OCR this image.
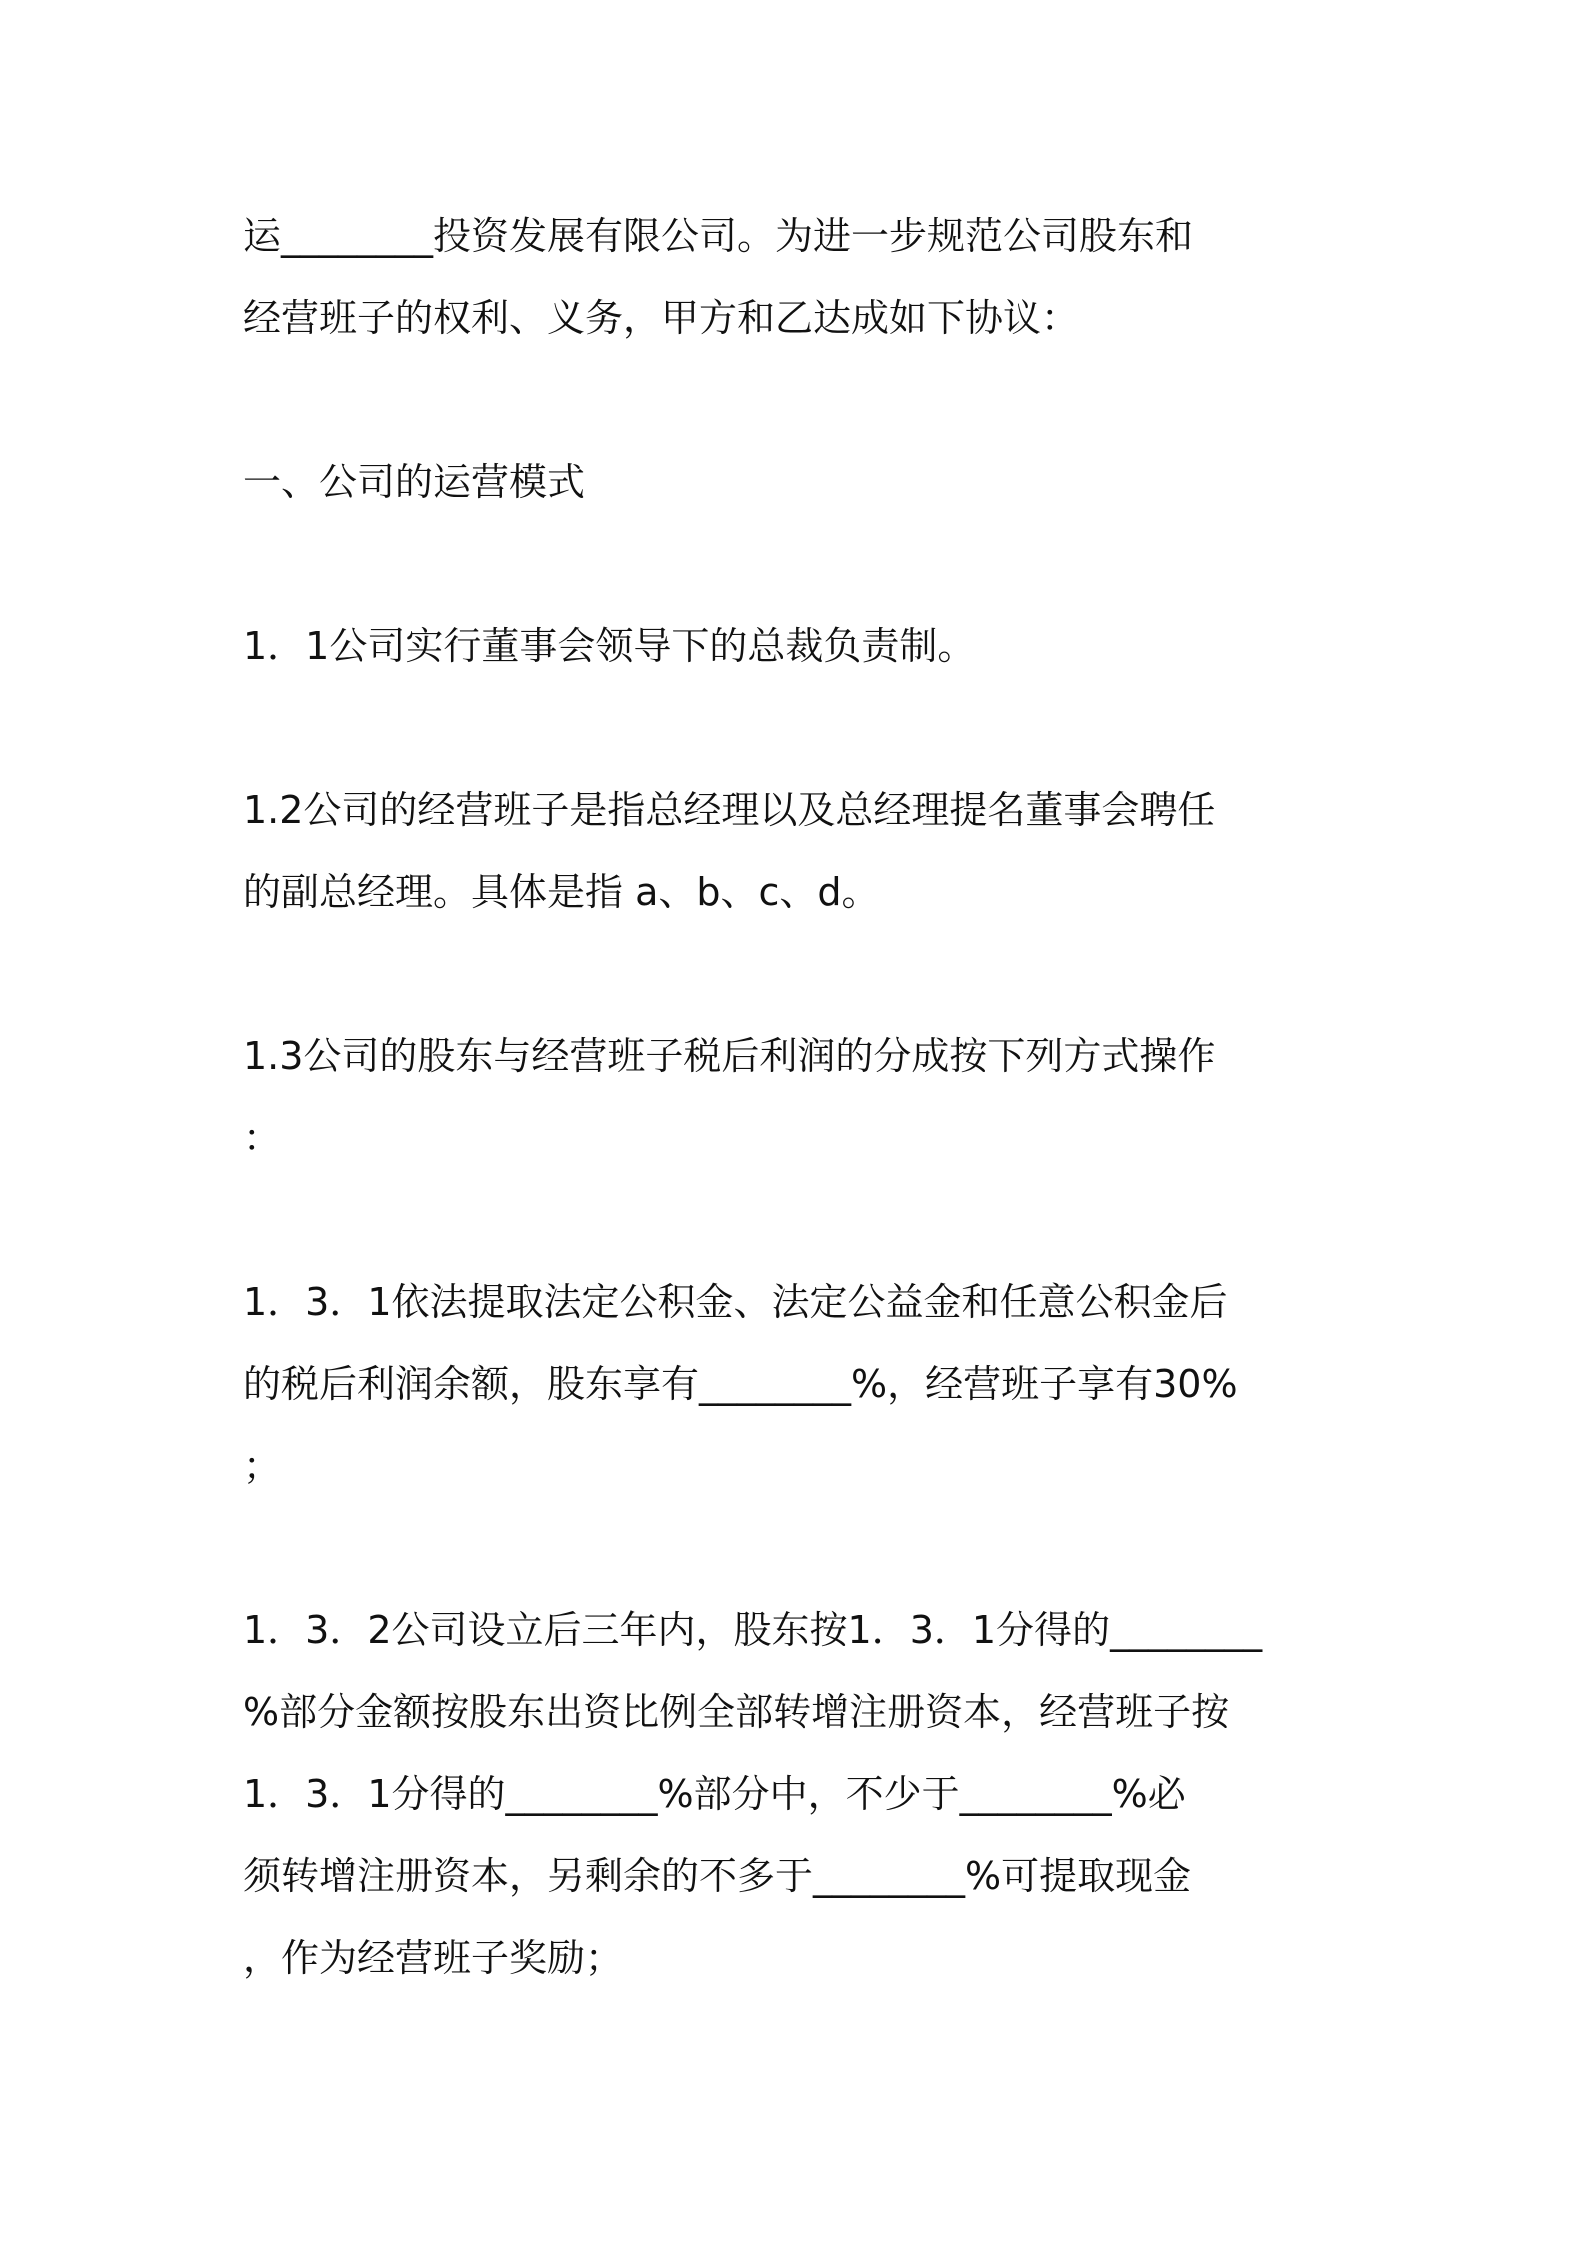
运________投资发展有限公司。为进一步规范公司股东和

经营班子的权利、义务，甲方和乙达成如下协议：

一、公司的运营模式

1．1公司实行董事会领导下的总裁负责制。

1.2公司的经营班子是指总经理以及总经理提名董事会聘任

的副总经理。具体是指 a、b、c、d。

1.3公司的股东与经营班子税后利润的分成按下列方式操作

：

1．3．1依法提取法定公积金、法定公益金和任意公积金后

的税后利润余额，股东享有________%，经营班子享有30%

；

1．3．2公司设立后三年内，股东按1．3．1分得的________

%部分金额按股东出资比例全部转增注册资本，经营班子按

1．3．1分得的________%部分中，不少于________%必

须转增注册资本，另剩余的不多于________%可提取现金

，作为经营班子奖励；
